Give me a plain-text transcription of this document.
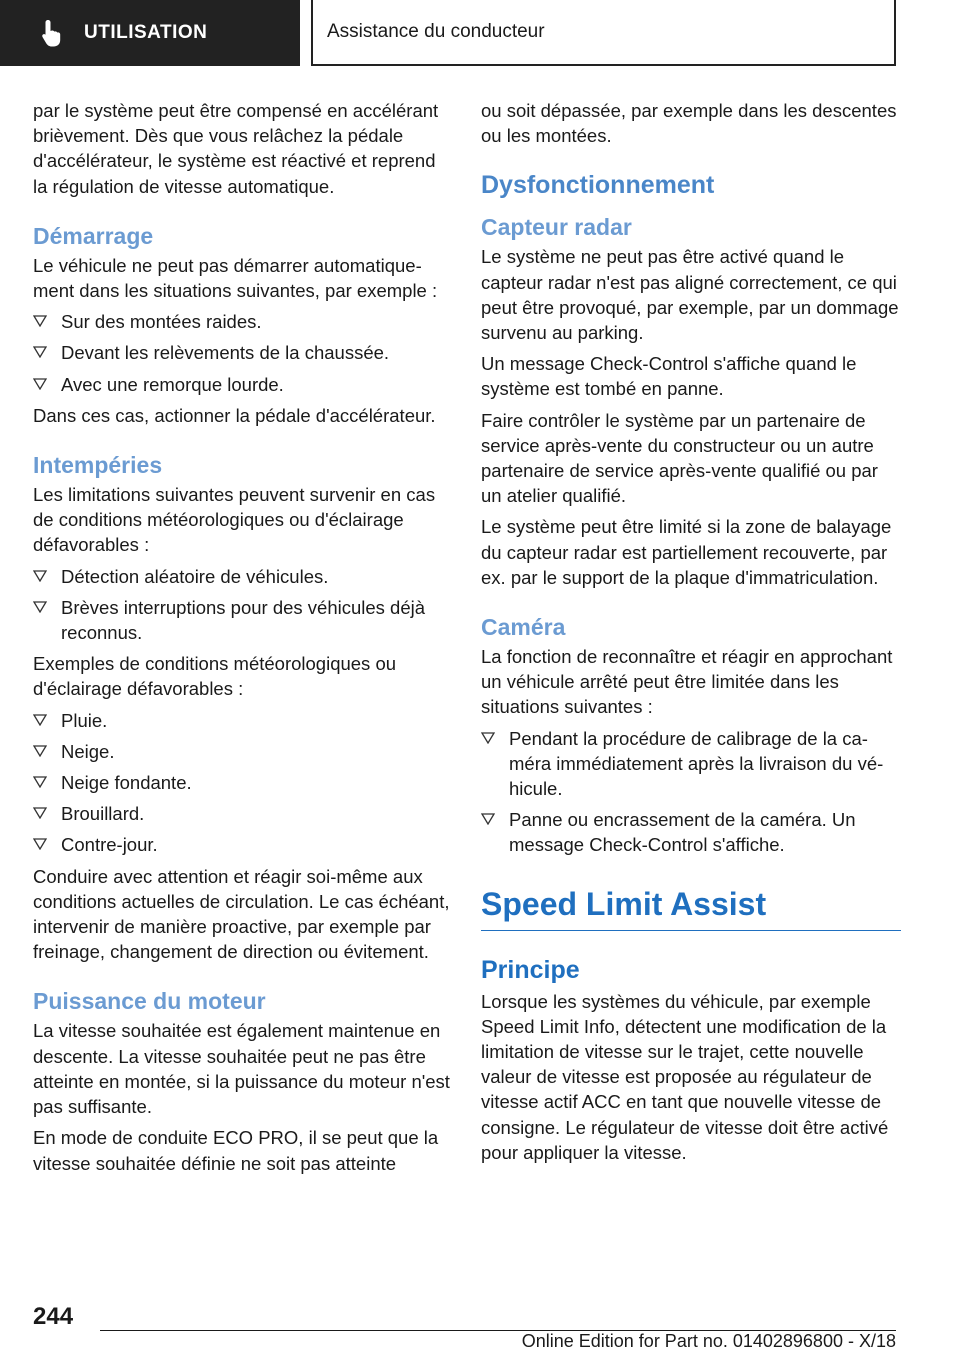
UTILISATION	Assistance du conducteur

par le système peut être compensé en accélérant brièvement. Dès que vous relâchez la pédale d'accélérateur, le système est réactivé et reprend la régulation de vitesse automatique.

Démarrage

Le véhicule ne peut pas démarrer automatiquement dans les situations suivantes, par exemple :

Sur des montées raides.
Devant les relèvements de la chaussée.
Avec une remorque lourde.

Dans ces cas, actionner la pédale d'accélérateur.

Intempéries

Les limitations suivantes peuvent survenir en cas de conditions météorologiques ou d'éclairage défavorables :

Détection aléatoire de véhicules.
Brèves interruptions pour des véhicules déjà reconnus.

Exemples de conditions météorologiques ou d'éclairage défavorables :

Pluie.
Neige.
Neige fondante.
Brouillard.
Contre-jour.

Conduire avec attention et réagir soi-même aux conditions actuelles de circulation. Le cas échéant, intervenir de manière proactive, par exemple par freinage, changement de direction ou évitement.

Puissance du moteur

La vitesse souhaitée est également maintenue en descente. La vitesse souhaitée peut ne pas être atteinte en montée, si la puissance du moteur n'est pas suffisante.

En mode de conduite ECO PRO, il se peut que la vitesse souhaitée définie ne soit pas atteinte

ou soit dépassée, par exemple dans les descentes ou les montées.

Dysfonctionnement
Capteur radar

Le système ne peut pas être activé quand le capteur radar n'est pas aligné correctement, ce qui peut être provoqué, par exemple, par un dommage survenu au parking.

Un message Check-Control s'affiche quand le système est tombé en panne.

Faire contrôler le système par un partenaire de service après-vente du constructeur ou un autre partenaire de service après-vente qualifié ou par un atelier qualifié.

Le système peut être limité si la zone de balayage du capteur radar est partiellement recouverte, par ex. par le support de la plaque d'immatriculation.

Caméra

La fonction de reconnaître et réagir en approchant un véhicule arrêté peut être limitée dans les situations suivantes :

Pendant la procédure de calibrage de la caméra immédiatement après la livraison du véhicule.
Panne ou encrassement de la caméra. Un message Check-Control s'affiche.
Speed Limit Assist
Principe

Lorsque les systèmes du véhicule, par exemple Speed Limit Info, détectent une modification de la limitation de vitesse sur le trajet, cette nouvelle valeur de vitesse est proposée au régulateur de vitesse actif ACC en tant que nouvelle vitesse de consigne. Le régulateur de vitesse doit être activé pour appliquer la vitesse.

244
Online Edition for Part no. 01402896800 - X/18
